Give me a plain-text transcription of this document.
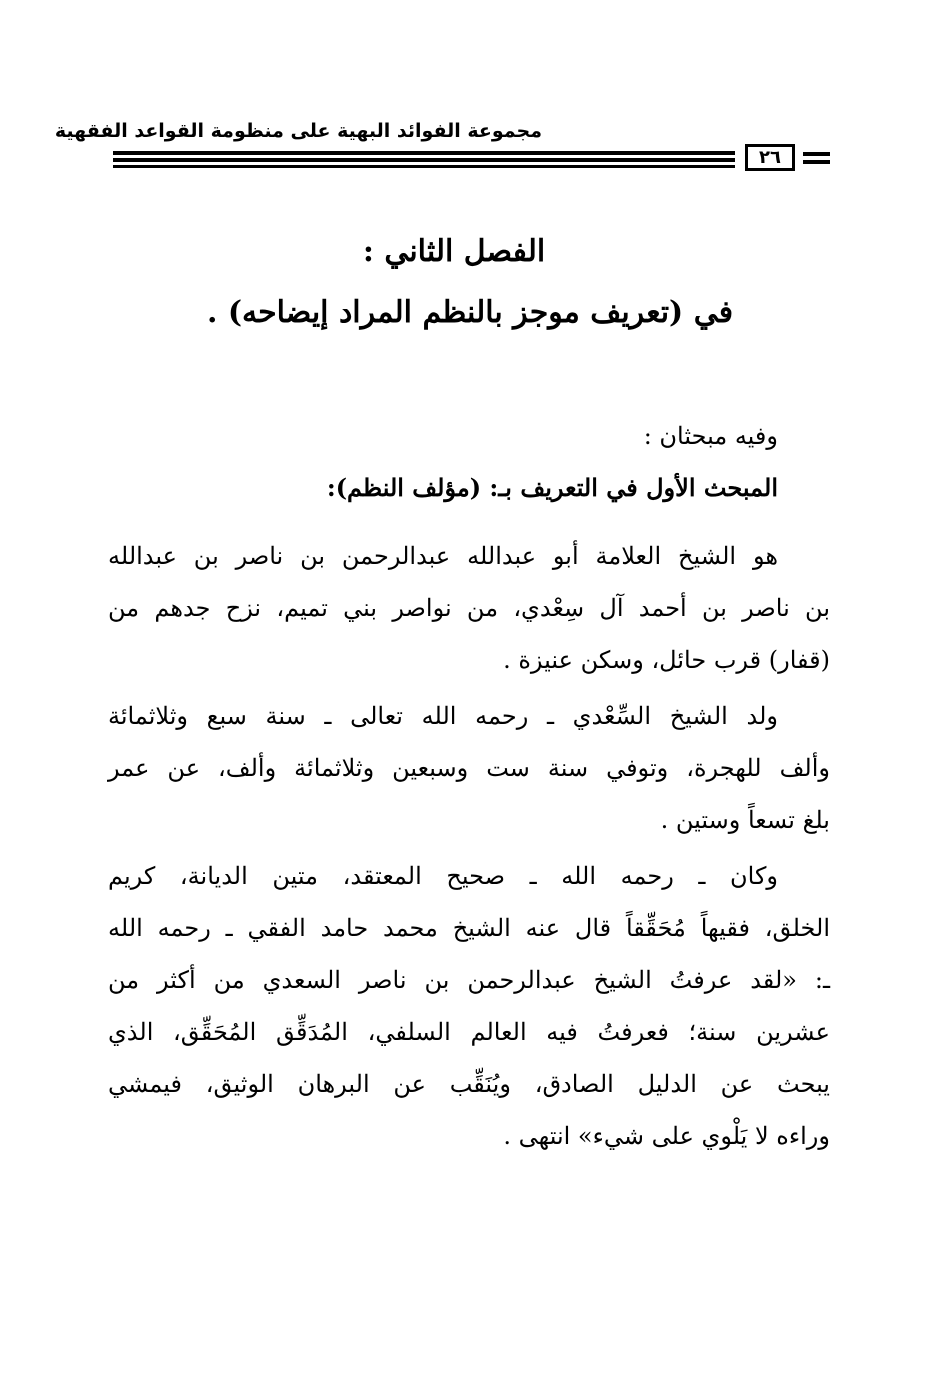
مجموعة الفوائد البهية على منظومة القواعد الفقهية
٢٦
الفصل الثاني :
في (تعريف موجز بالنظم المراد إيضاحه) .
وفيه مبحثان :
المبحث الأول في التعريف بـ: (مؤلف النظم):
هو الشيخ العلامة أبو عبدالله عبدالرحمن بن ناصر بن عبدالله
بن ناصر بن أحمد آل سِعْدي، من نواصر بني تميم، نزح جدهم من
(قفار) قرب حائل، وسكن عنيزة .
ولد الشيخ السِّعْدي ـ رحمه الله تعالى ـ سنة سبع وثلاثمائة
وألف للهجرة، وتوفي سنة ست وسبعين وثلاثمائة وألف، عن عمر
بلغ تسعاً وستين .
وكان ـ رحمه الله ـ صحيح المعتقد، متين الديانة، كريم
الخلق، فقيهاً مُحَقِّقاً قال عنه الشيخ محمد حامد الفقي ـ رحمه الله
ـ: «لقد عرفتُ الشيخ عبدالرحمن بن ناصر السعدي من أكثر من
عشرين سنة؛ فعرفتُ فيه العالم السلفي، المُدَقِّق المُحَقِّق، الذي
يبحث عن الدليل الصادق، ويُنَقِّب عن البرهان الوثيق، فيمشي
وراءه لا يَلْوي على شيء» انتهى .
